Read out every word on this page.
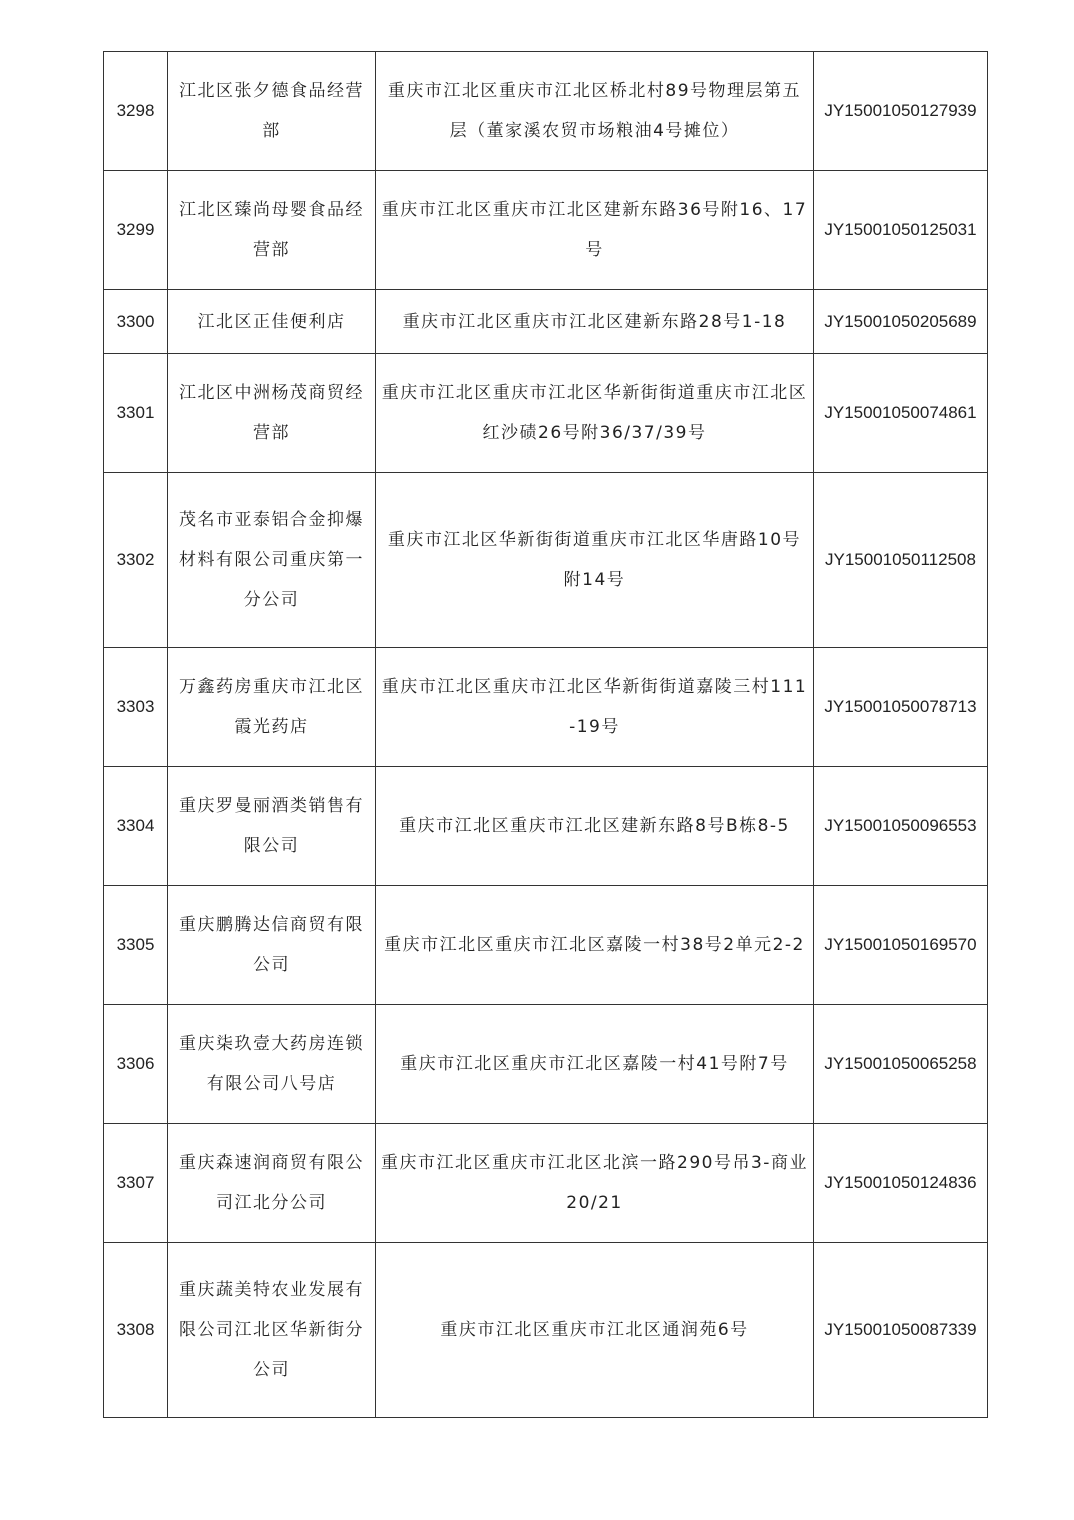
3298	江北区张夕德食品经营部	重庆市江北区重庆市江北区桥北村89号物理层第五层（董家溪农贸市场粮油4号摊位）	JY15001050127939
3299	江北区臻尚母婴食品经营部	重庆市江北区重庆市江北区建新东路36号附16、17号	JY15001050125031
3300	江北区正佳便利店	重庆市江北区重庆市江北区建新东路28号1-18	JY15001050205689
3301	江北区中洲杨茂商贸经营部	重庆市江北区重庆市江北区华新街街道重庆市江北区红沙碛26号附36/37/39号	JY15001050074861
3302	茂名市亚泰铝合金抑爆材料有限公司重庆第一分公司	重庆市江北区华新街街道重庆市江北区华唐路10号附14号	JY15001050112508
3303	万鑫药房重庆市江北区霞光药店	重庆市江北区重庆市江北区华新街街道嘉陵三村111-19号	JY15001050078713
3304	重庆罗曼丽酒类销售有限公司	重庆市江北区重庆市江北区建新东路8号B栋8-5	JY15001050096553
3305	重庆鹏腾达信商贸有限公司	重庆市江北区重庆市江北区嘉陵一村38号2单元2-2	JY15001050169570
3306	重庆柒玖壹大药房连锁有限公司八号店	重庆市江北区重庆市江北区嘉陵一村41号附7号	JY15001050065258
3307	重庆森速润商贸有限公司江北分公司	重庆市江北区重庆市江北区北滨一路290号吊3-商业20/21	JY15001050124836
3308	重庆蔬美特农业发展有限公司江北区华新街分公司	重庆市江北区重庆市江北区通润苑6号	JY15001050087339
